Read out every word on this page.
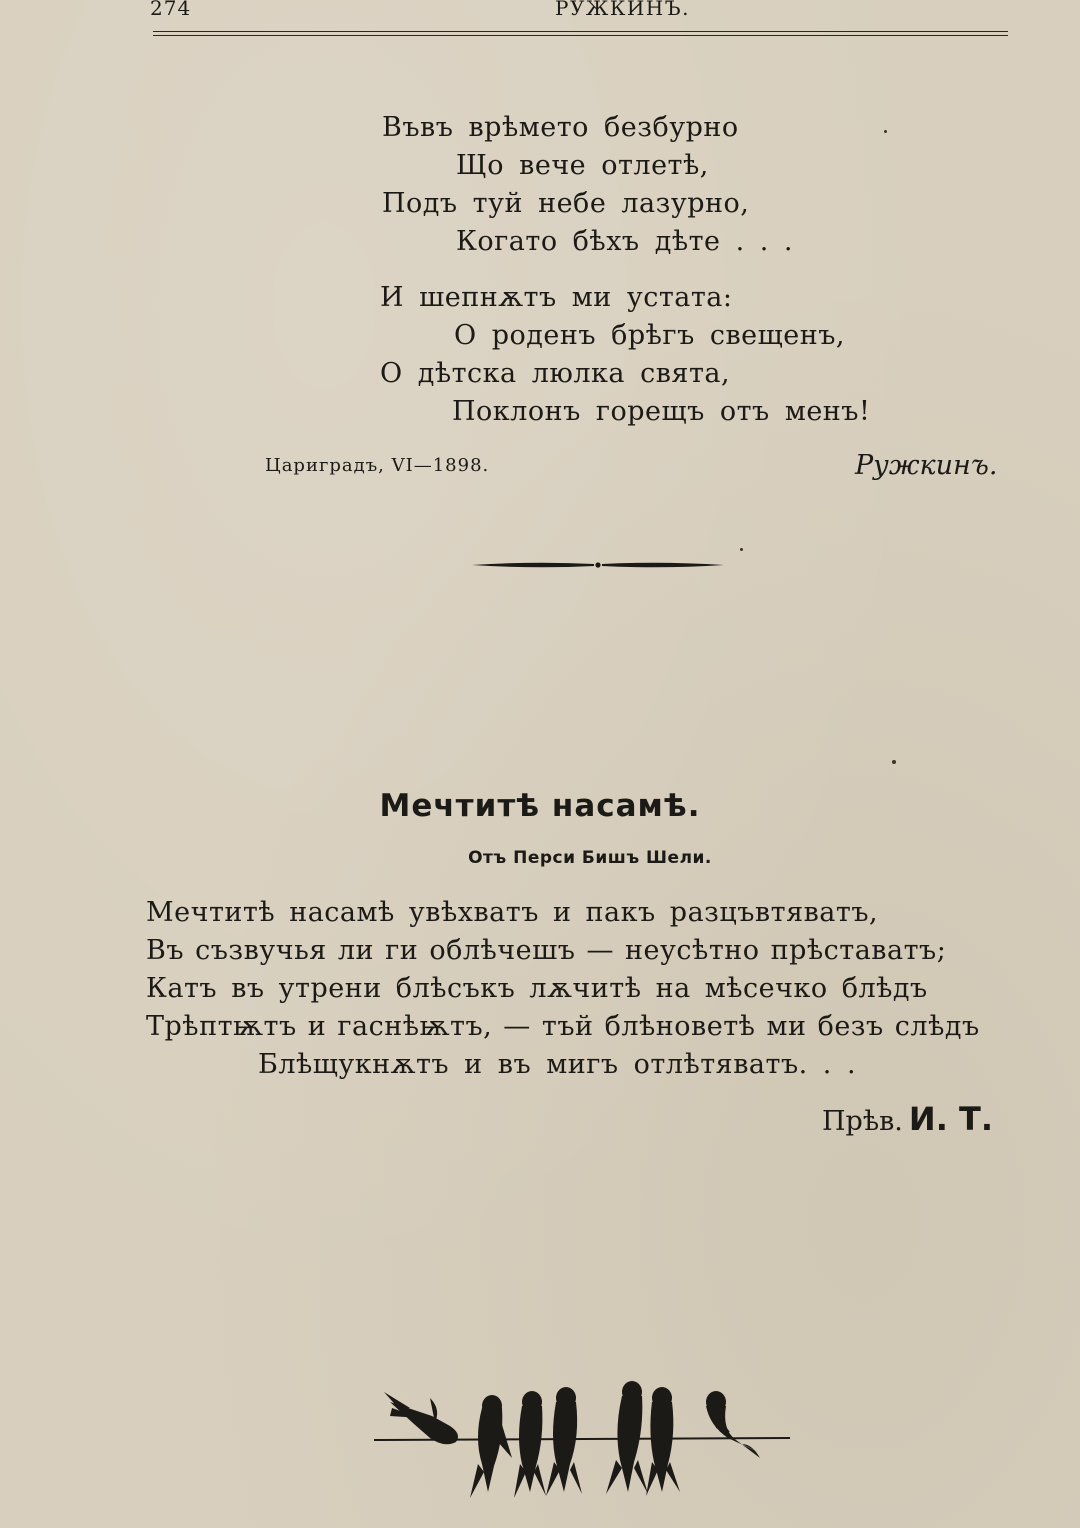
274	РУЖКИНЪ.
Въвъ врѣмето безбурно
Що вече отлетѣ,
Подъ туй небе лазурно,
Когато бѣхъ дѣте . . .
И шепнѫтъ ми устата:
О роденъ брѣгъ свещенъ,
О дѣтска люлка свята,
Поклонъ горещъ отъ менъ!
Цариградъ, VI—1898.	Ружкинъ.
Мечтитѣ насамѣ.
Отъ Перси Бишъ Шели.
Мечтитѣ насамѣ увѣхватъ и пакъ разцъвтяватъ,
Въ съзвучья ли ги облѣчешъ — неусѣтно прѣставатъ;
Катъ въ утрени блѣсъкъ лѫчитѣ на мѣсечко блѣдъ
Трѣптѭтъ и гаснѣѭтъ, — тъй блѣноветѣ ми безъ слѣдъ
Блѣщукнѫтъ и въ мигъ отлѣтяватъ. . .
Прѣв. И. Т.
